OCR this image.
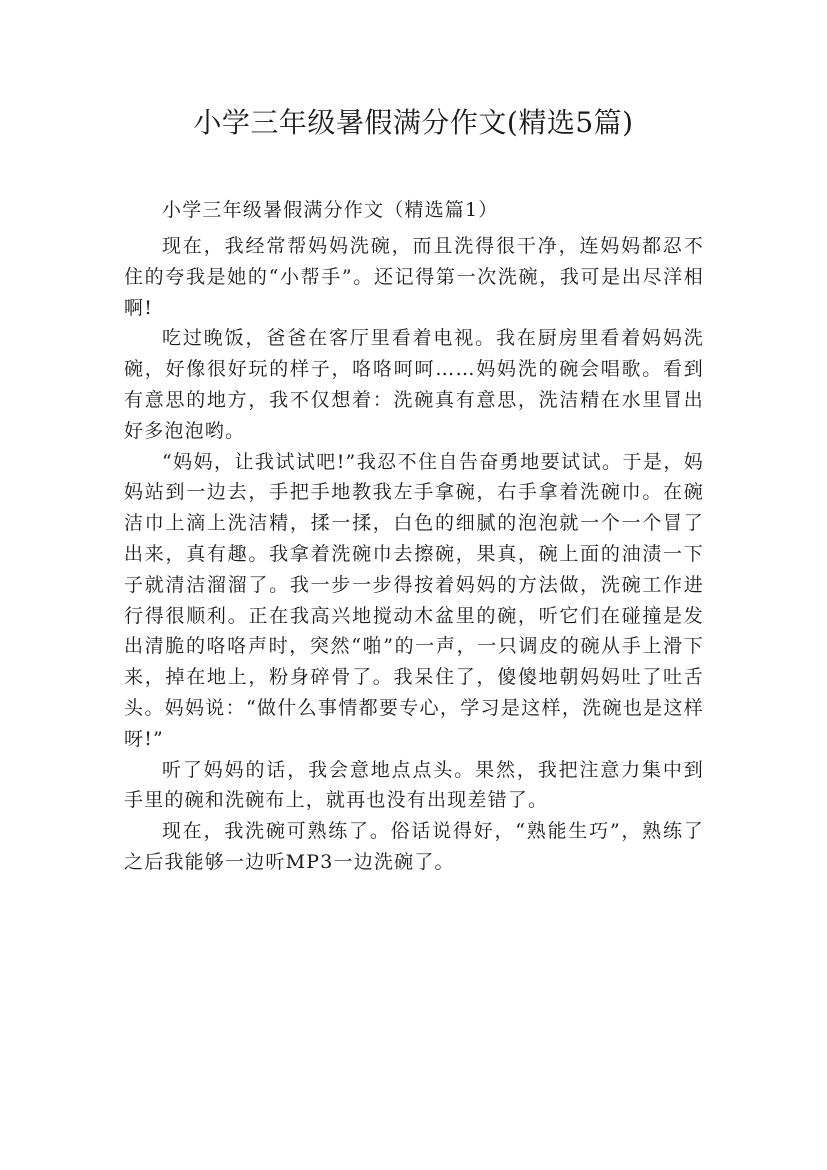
小学三年级暑假满分作文(精选5篇)

小学三年级暑假满分作文（精选篇1）

现在，我经常帮妈妈洗碗，而且洗得很干净，连妈妈都忍不住的夸我是她的“小帮手”。还记得第一次洗碗，我可是出尽洋相啊!

吃过晚饭，爸爸在客厅里看着电视。我在厨房里看着妈妈洗碗，好像很好玩的样子，咯咯呵呵……妈妈洗的碗会唱歌。看到有意思的地方，我不仅想着：洗碗真有意思，洗洁精在水里冒出好多泡泡哟。

“妈妈，让我试试吧!”我忍不住自告奋勇地要试试。于是，妈妈站到一边去，手把手地教我左手拿碗，右手拿着洗碗巾。在碗洁巾上滴上洗洁精，揉一揉，白色的细腻的泡泡就一个一个冒了出来，真有趣。我拿着洗碗巾去擦碗，果真，碗上面的油渍一下子就清洁溜溜了。我一步一步得按着妈妈的方法做，洗碗工作进行得很顺利。正在我高兴地搅动木盆里的碗，听它们在碰撞是发出清脆的咯咯声时，突然“啪”的一声，一只调皮的碗从手上滑下来，掉在地上，粉身碎骨了。我呆住了，傻傻地朝妈妈吐了吐舌头。妈妈说：“做什么事情都要专心，学习是这样，洗碗也是这样呀!”

听了妈妈的话，我会意地点点头。果然，我把注意力集中到手里的碗和洗碗布上，就再也没有出现差错了。

现在，我洗碗可熟练了。俗话说得好，“熟能生巧”，熟练了之后我能够一边听MP3一边洗碗了。
